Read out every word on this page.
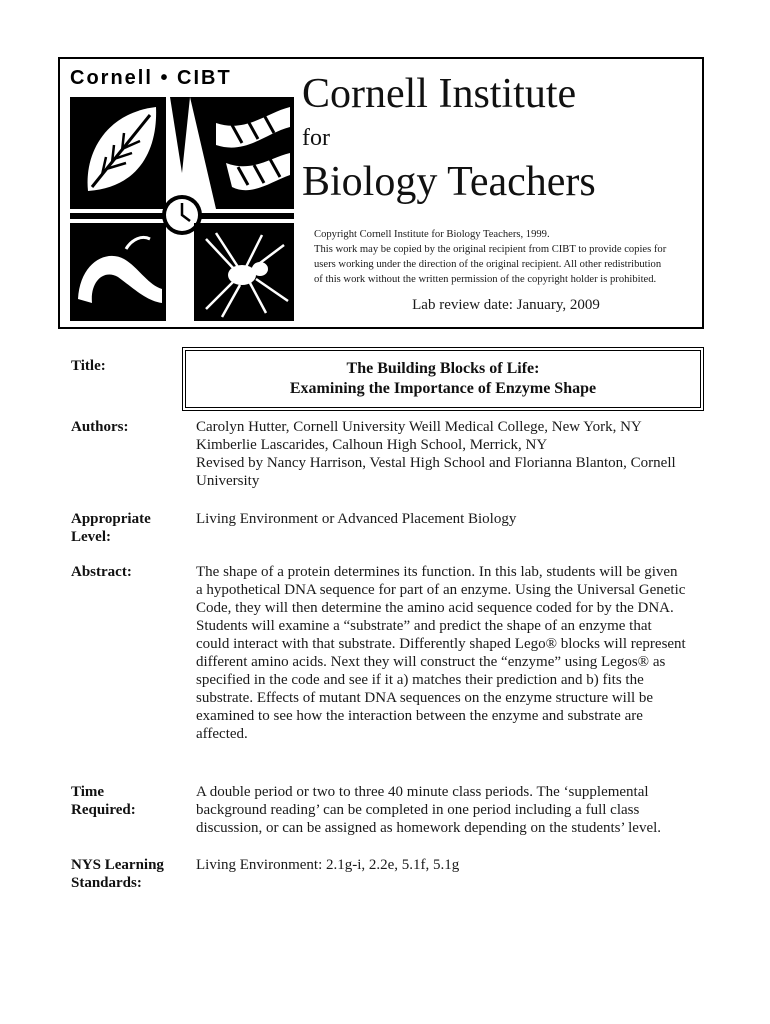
Cornell • CIBT Cornell Institute
for
Biology Teachers
Copyright Cornell Institute for Biology Teachers, 1999.
This work may be copied by the original recipient from CIBT to provide copies for
users working under the direction of the original recipient. All other redistribution
of this work without the written permission of the copyright holder is prohibited.
Lab review date: January, 2009
Title:	The Building Blocks of Life:
Examining the Importance of Enzyme Shape
Authors:	Carolyn Hutter, Cornell University Weill Medical College, New York, NY
Kimberlie Lascarides, Calhoun High School, Merrick, NY
Revised by Nancy Harrison, Vestal High School and Florianna Blanton, Cornell
University
Appropriate
Level:
Living Environment or Advanced Placement Biology
Abstract:	The shape of a protein determines its function. In this lab, students will be given
a hypothetical DNA sequence for part of an enzyme. Using the Universal Genetic
Code, they will then determine the amino acid sequence coded for by the DNA.
Students will examine a “substrate” and predict the shape of an enzyme that
could interact with that substrate. Differently shaped Lego® blocks will represent
different amino acids. Next they will construct the “enzyme” using Legos® as
specified in the code and see if it a) matches their prediction and b) fits the
substrate. Effects of mutant DNA sequences on the enzyme structure will be
examined to see how the interaction between the enzyme and substrate are
affected.
Time
Required:
A double period or two to three 40 minute class periods. The ‘supplemental
background reading’ can be completed in one period including a full class
discussion, or can be assigned as homework depending on the students’ level.
NYS Learning
Standards:
Living Environment: 2.1g-i, 2.2e, 5.1f, 5.1g
